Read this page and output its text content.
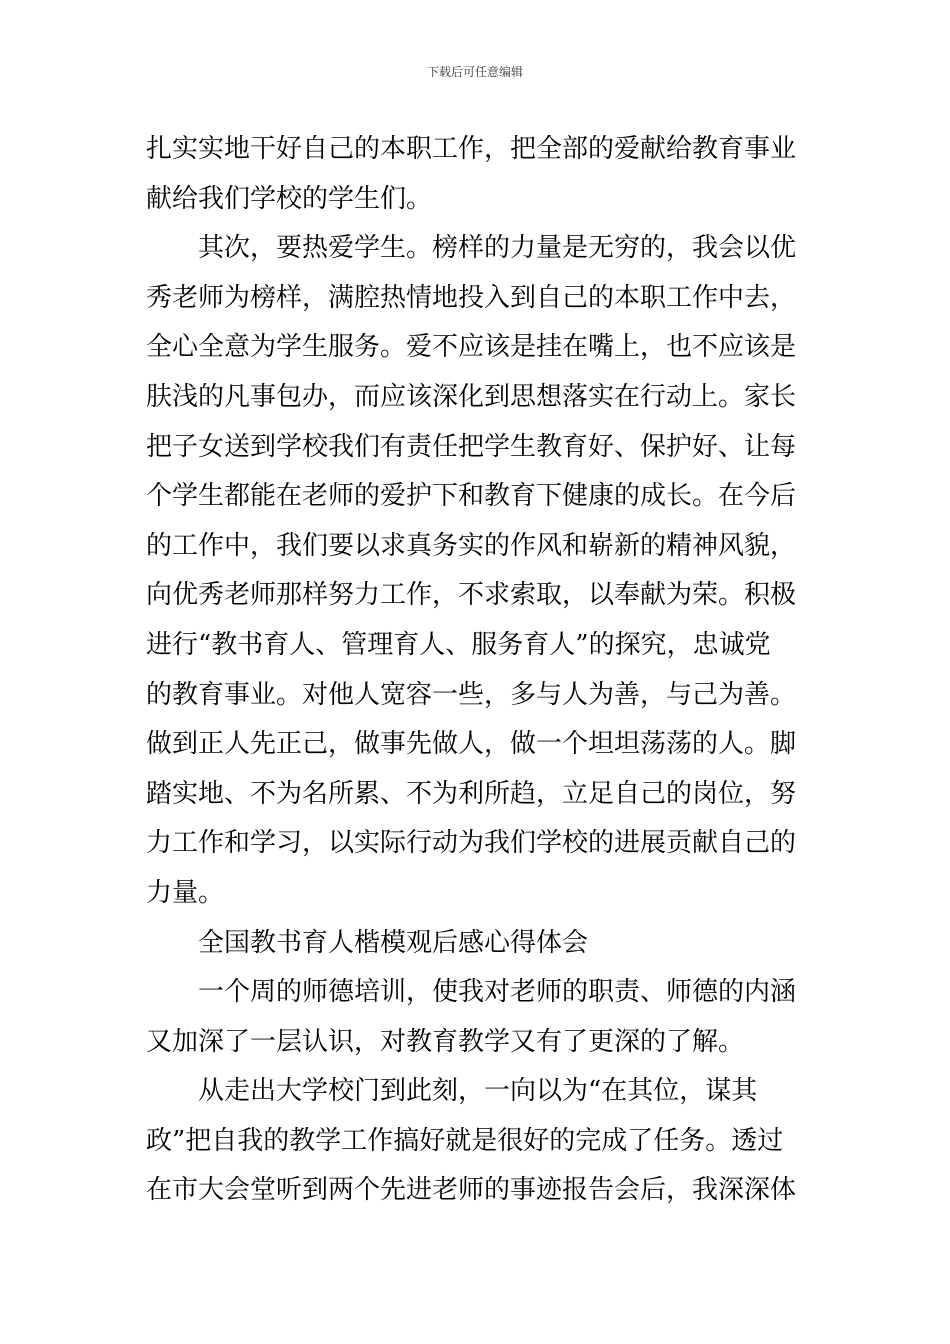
下载后可任意编辑
扎实实地干好自己的本职工作，把全部的爱献给教育事业
献给我们学校的学生们。
其次，要热爱学生。榜样的力量是无穷的，我会以优
秀老师为榜样，满腔热情地投入到自己的本职工作中去，
全心全意为学生服务。爱不应该是挂在嘴上，也不应该是
肤浅的凡事包办，而应该深化到思想落实在行动上。家长
把子女送到学校我们有责任把学生教育好、保护好、让每
个学生都能在老师的爱护下和教育下健康的成长。在今后
的工作中，我们要以求真务实的作风和崭新的精神风貌，
向优秀老师那样努力工作，不求索取，以奉献为荣。积极
进行“教书育人、管理育人、服务育人”的探究，忠诚党
的教育事业。对他人宽容一些，多与人为善，与己为善。
做到正人先正己，做事先做人，做一个坦坦荡荡的人。脚
踏实地、不为名所累、不为利所趋，立足自己的岗位，努
力工作和学习，以实际行动为我们学校的进展贡献自己的
力量。
全国教书育人楷模观后感心得体会
一个周的师德培训，使我对老师的职责、师德的内涵
又加深了一层认识，对教育教学又有了更深的了解。
从走出大学校门到此刻，一向以为“在其位，谋其
政”把自我的教学工作搞好就是很好的完成了任务。透过
在市大会堂听到两个先进老师的事迹报告会后，我深深体
